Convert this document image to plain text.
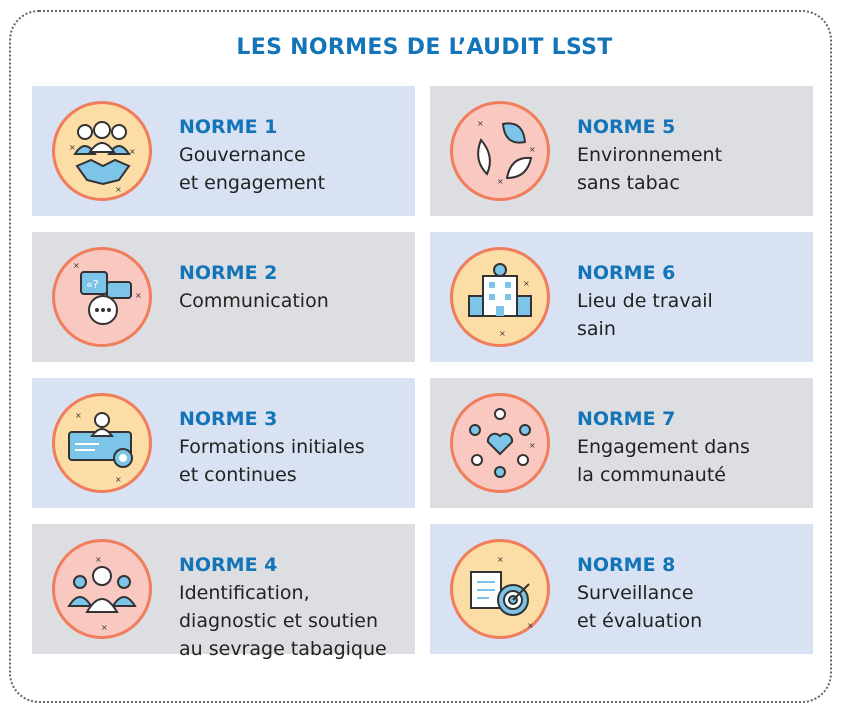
LES NORMES DE L’AUDIT LSST
×	×
×
NORME 1
Gouvernance
et engagement
«?
×
×
NORME 2
Communication
×
×
NORME 3
Formations initiales
et continues
×
×
NORME 4
Identification,
diagnostic et soutien
au sevrage tabagique
×
×
×
NORME 5
Environnement
sans tabac
×
×
NORME 6
Lieu de travail
sain
×
NORME 7
Engagement dans
la communauté
×
×
NORME 8
Surveillance
et évaluation
